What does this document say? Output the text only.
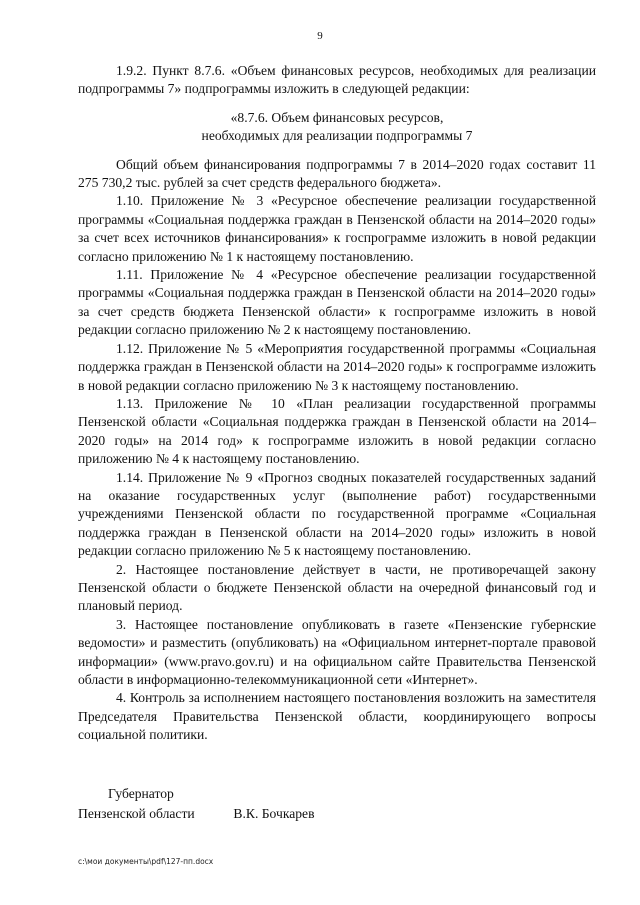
9

1.9.2. Пункт 8.7.6. «Объем финансовых ресурсов, необходимых для реализации подпрограммы 7» подпрограммы изложить в следующей редакции:

«8.7.6. Объем финансовых ресурсов,
необходимых для реализации подпрограммы 7

Общий объем финансирования подпрограммы 7 в 2014–2020 годах составит 11 275 730,2 тыс. рублей за счет средств федерального бюджета».

1.10. Приложение № 3 «Ресурсное обеспечение реализации государственной программы «Социальная поддержка граждан в Пензенской области на 2014–2020 годы» за счет всех источников финансирования» к госпрограмме изложить в новой редакции согласно приложению № 1 к настоящему постановлению.

1.11. Приложение № 4 «Ресурсное обеспечение реализации государственной программы «Социальная поддержка граждан в Пензенской области на 2014–2020 годы» за счет средств бюджета Пензенской области» к госпрограмме изложить в новой редакции согласно приложению № 2 к настоящему постановлению.

1.12. Приложение № 5 «Мероприятия государственной программы «Социальная поддержка граждан в Пензенской области на 2014–2020 годы» к госпрограмме изложить в новой редакции согласно приложению № 3 к настоящему постановлению.

1.13. Приложение № 10 «План реализации государственной программы Пензенской области «Социальная поддержка граждан в Пензенской области на 2014–2020 годы» на 2014 год» к госпрограмме изложить в новой редакции согласно приложению № 4 к настоящему постановлению.

1.14. Приложение № 9 «Прогноз сводных показателей государственных заданий на оказание государственных услуг (выполнение работ) государственными учреждениями Пензенской области по государственной программе «Социальная поддержка граждан в Пензенской области на 2014–2020 годы» изложить в новой редакции согласно приложению № 5 к настоящему постановлению.

2. Настоящее постановление действует в части, не противоречащей закону Пензенской области о бюджете Пензенской области на очередной финансовый год и плановый период.

3. Настоящее постановление опубликовать в газете «Пензенские губернские ведомости» и разместить (опубликовать) на «Официальном интернет-портале правовой информации» (www.pravo.gov.ru) и на официальном сайте Правительства Пензенской области в информационно-телекоммуникационной сети «Интернет».

4. Контроль за исполнением настоящего постановления возложить на заместителя Председателя Правительства Пензенской области, координирующего вопросы социальной политики.

Губернатор
Пензенской области	В.К. Бочкарев
c:\мои документы\pdf\127-пп.docx
